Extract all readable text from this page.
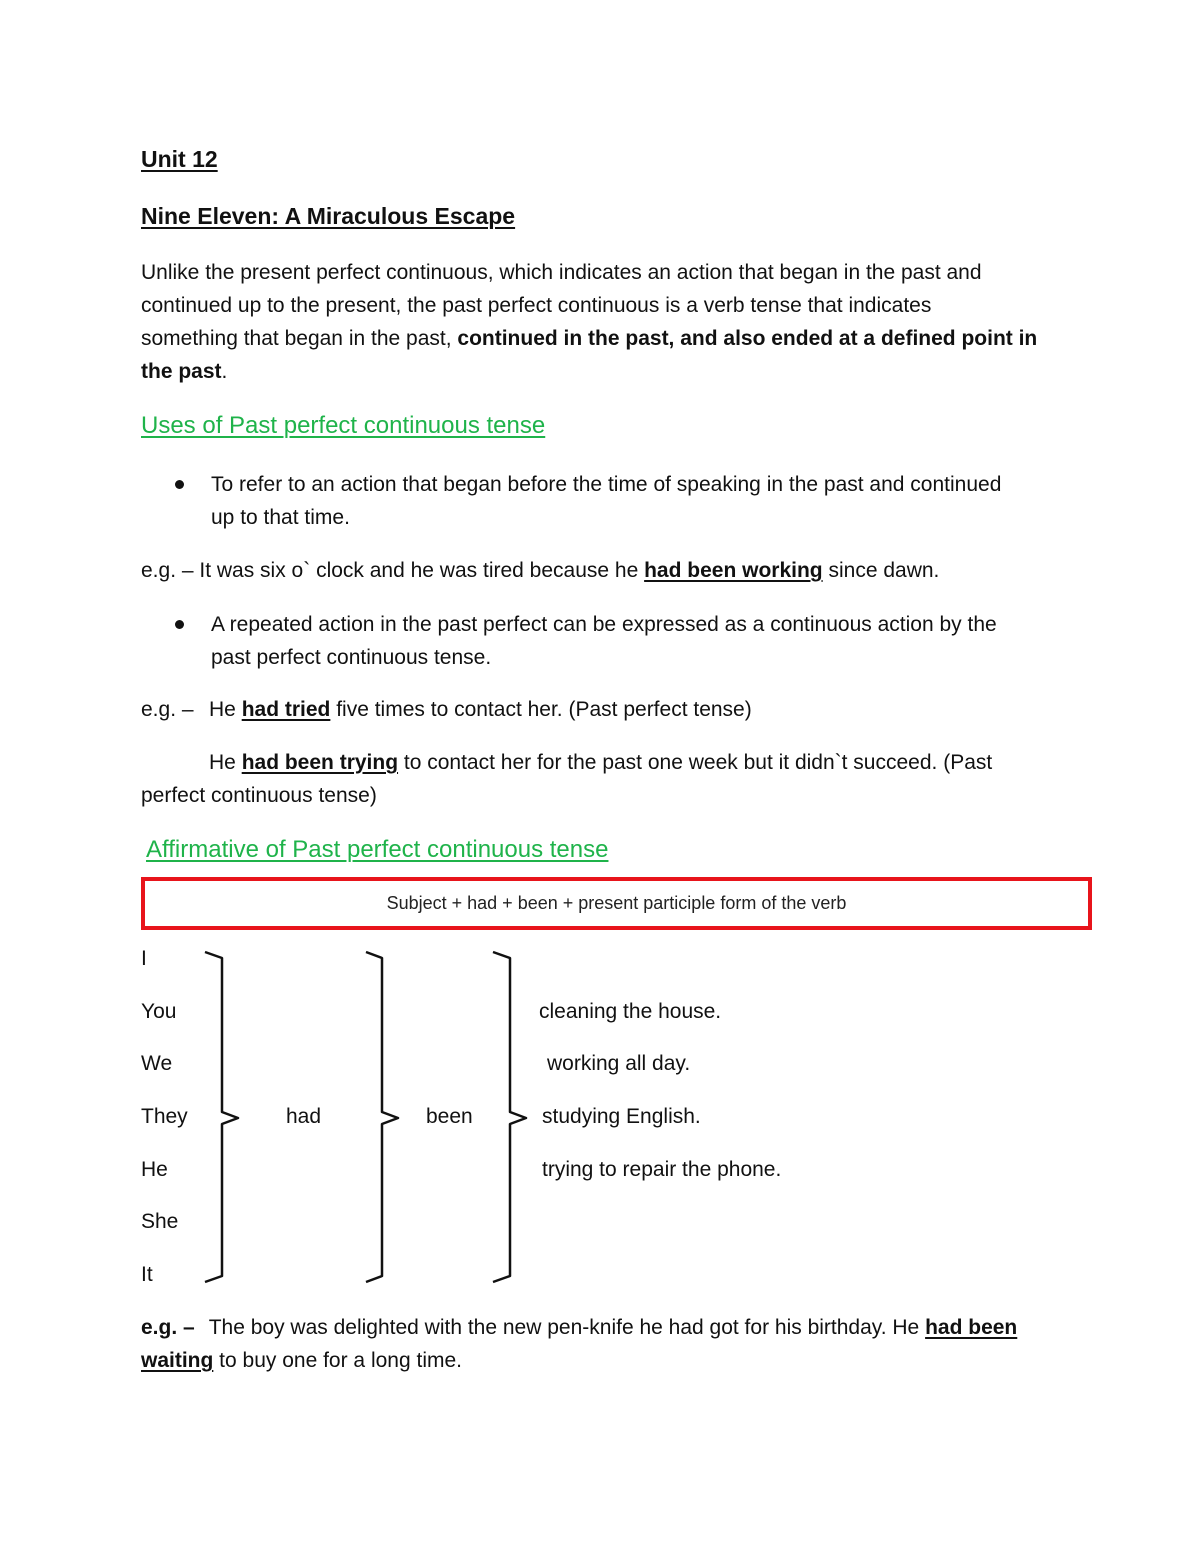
Unit 12
Nine Eleven: A Miraculous Escape
Unlike the present perfect continuous, which indicates an action that began in the past and
continued up to the present, the past perfect continuous is a verb tense that indicates
something that began in the past, continued in the past, and also ended at a defined point in
the past.
Uses of Past perfect continuous tense
To refer to an action that began before the time of speaking in the past and continued
up to that time.
e.g. – It was six o` clock and he was tired because he had been working since dawn.
A repeated action in the past perfect can be expressed as a continuous action by the
past perfect continuous tense.
e.g. – He had tried five times to contact her. (Past perfect tense)
He had been trying to contact her for the past one week but it didn`t succeed. (Past
perfect continuous tense)
Affirmative of Past perfect continuous tense
Subject + had + been + present participle form of the verb
I
You
We
They
He
She
It
had	been
cleaning the house.
working all day.
studying English.
trying to repair the phone.
e.g. – The boy was delighted with the new pen-knife he had got for his birthday. He had been
waiting to buy one for a long time.
